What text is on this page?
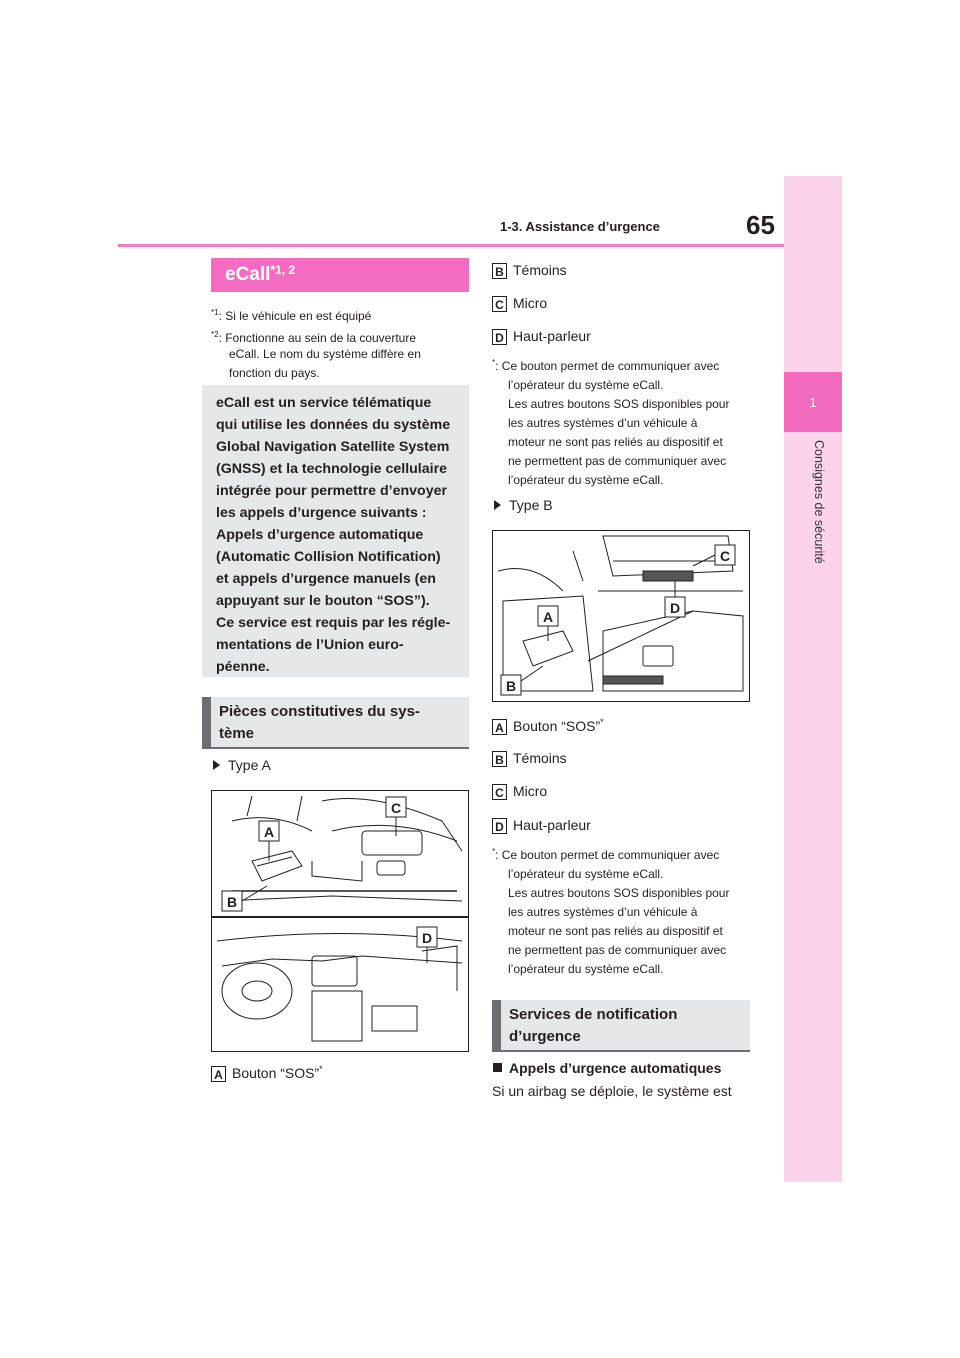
1-3. Assistance d’urgence	65
1
Consignes de sécurité
eCall$^{*1, 2}$
$^{*1}$: Si le véhicule en est équipé
$^{*2}$: Fonctionne au sein de la couverture
eCall. Le nom du système diffère en
fonction du pays.
eCall est un service télématique
qui utilise les données du système
Global Navigation Satellite System
(GNSS) et la technologie cellulaire
intégrée pour permettre d’envoyer
les appels d’urgence suivants :
Appels d’urgence automatique
(Automatic Collision Notification)
et appels d’urgence manuels (en
appuyant sur le bouton “SOS”).
Ce service est requis par les régle-
mentations de l’Union euro-
péenne.
Pièces constitutives du sys-
tème
Type A
A
B
C
D
A Bouton “SOS”*
B Témoins
C Micro
D Haut-parleur
*: Ce bouton permet de communiquer avec
l’opérateur du système eCall.
Les autres boutons SOS disponibles pour
les autres systèmes d’un véhicule à
moteur ne sont pas reliés au dispositif et
ne permettent pas de communiquer avec
l’opérateur du système eCall.
Type B
A
B
C
D
A Bouton “SOS”*
B Témoins
C Micro
D Haut-parleur
*: Ce bouton permet de communiquer avec
l’opérateur du système eCall.
Les autres boutons SOS disponibles pour
les autres systèmes d’un véhicule à
moteur ne sont pas reliés au dispositif et
ne permettent pas de communiquer avec
l’opérateur du système eCall.
Services de notification
d’urgence
Appels d’urgence automatiques
Si un airbag se déploie, le système est
